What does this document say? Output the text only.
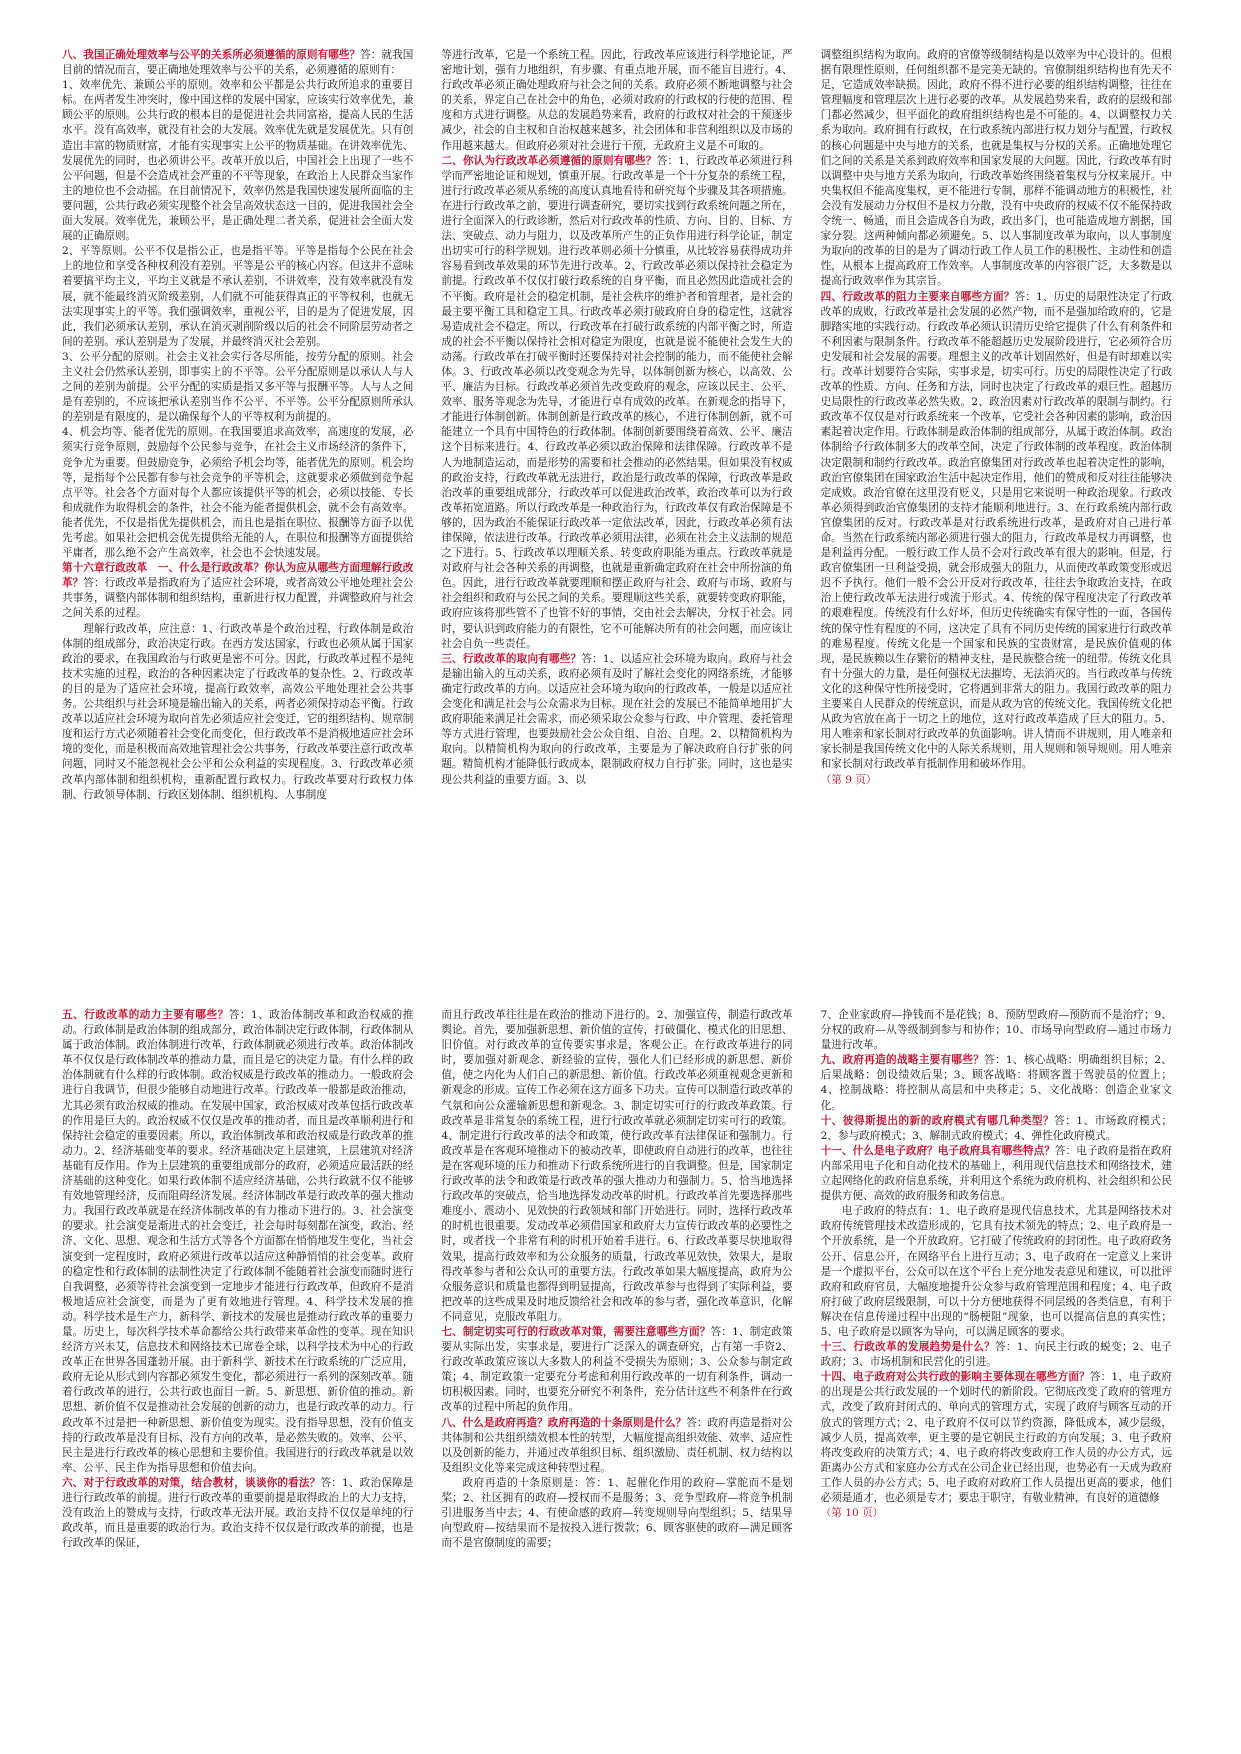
八、我国正确处理效率与公平的关系所必须遵循的原则有哪些？答：就我国目前的情况而言，要正确地处理效率与公平的关系，必须遵循的原则有：

1、效率优先、兼顾公平的原则。效率和公平都是公共行政所追求的重要目标。在两者发生冲突时，像中国这样的发展中国家，应该实行效率优先，兼顾公平的原则。公共行政的根本目的是促进社会共同富裕，提高人民的生活水平。没有高效率，就没有社会的大发展。效率优先就是发展优先。只有创造出丰富的物质财富，才能有实现事实上公平的物质基础。在讲效率优先、发展优先的同时，也必须讲公平。改革开放以后，中国社会上出现了一些不公平问题，但是不会造成社会严重的不平等现象，在政治上人民群众当家作主的地位也不会动摇。在目前情况下，效率仍然是我国快速发展所面临的主要问题，公共行政必须实现整个社会呈高效状态这一目的，促进我国社会全面大发展。效率优先，兼顾公平，是正确处理二者关系，促进社会全面大发展的正确原则。

2、平等原则。公平不仅是指公正，也是指平等。平等是指每个公民在社会上的地位和享受各种权利没有差别。平等是公平的核心内容。但这并不意味着要搞平均主义，平均主义就是不承认差别，不讲效率，没有效率就没有发展，就不能最终消灭阶级差别，人们就不可能获得真正的平等权利，也就无法实现事实上的平等。我们强调效率，重视公平，目的是为了促进发展，因此，我们必须承认差别，承认在消灭剥削阶级以后的社会不同阶层劳动者之间的差别。承认差别是为了发展，并最终消灭社会差别。

3、公平分配的原则。社会主义社会实行各尽所能，按劳分配的原则。社会主义社会仍然承认差别，即事实上的不平等。公平分配原则是以承认人与人之间的差别为前提。公平分配的实质是指又多平等与报酬平等。人与人之间是有差别的，不应该把承认差别当作不公平、不平等。公平分配原则所承认的差别是有限度的，是以确保每个人的平等权利为前提的。

4、机会均等、能者优先的原则。在我国要追求高效率，高速度的发展，必须实行竞争原则，鼓励每个公民参与竞争，在社会主义市场经济的条件下，竞争尤为重要。但鼓励竞争，必须给予机会均等，能者优先的原则。机会均等，是指每个公民都有参与社会竞争的平等机会，这就要求必须做到竞争起点平等。社会各个方面对每个人都应该提供平等的机会，必须以技能、专长和成就作为取得机会的条件，社会不能为能者提供机会，就不会有高效率。能者优先，不仅是指优先提供机会，而且也是指在职位、报酬等方面予以优先考虑。如果社会把机会优先提供给无能的人，在职位和报酬等方面提供给平庸者，那么绝不会产生高效率，社会也不会快速发展。

第十六章行政改革　一、什么是行政改革？你认为应从哪些方面理解行政改革？答：行政改革是指政府为了适应社会环境，或者高效公平地处理社会公共事务，调整内部体制和组织结构，重新进行权力配置，并调整政府与社会之间关系的过程。

理解行政改革，应注意：1、行政改革是个政治过程，行政体制是政治体制的组成部分，政治决定行政。在西方发达国家，行政也必须从属于国家政治的要求，在我国政治与行政更是密不可分。因此，行政改革过程不是纯技术实施的过程，政治的各种因素决定了行政改革的复杂性。2、行政改革的目的是为了适应社会环境，提高行政效率，高效公平地处理社会公共事务。公共组织与社会环境是输出输入的关系，两者必须保持动态平衡。行政改革以适应社会环境为取向首先必须适应社会变迁，它的组织结构、规章制度和运行方式必须随着社会变化而变化，但行政改革不是消极地适应社会环境的变化，而是积极而高效地管理社会公共事务，行政改革要注意行政改革问题，同时又不能忽视社会公平和公众利益的实现程度。3、行政改革必须改革内部体制和组织机构，重新配置行政权力。行政改革要对行政权力体制、行政领导体制、行政区划体制、组织机构、人事制度

等进行改革，它是一个系统工程。因此，行政改革应该进行科学地论证，严密地计划，强有力地组织，有步骤、有重点地开展，而不能盲目进行。4、行政改革必须正确处理政府与社会之间的关系。政府必须不断地调整与社会的关系，界定自己在社会中的角色，必须对政府的行政权的行使的范围、程度和方式进行调整。从总的发展趋势来看，政府的行政权对社会的干预逐步减少，社会的自主权和自治权越来越多，社会团体和非营利组织以及市场的作用越来越大。但政府必须对社会进行干预，无政府主义是不可取的。

二、你认为行政改革必须遵循的原则有哪些？答：1、行政改革必须进行科学而严密地论证和规划，慎重开展。行政改革是一个十分复杂的系统工程，进行行政改革必须从系统的高度认真地看待和研究每个步骤及其各项措施。在进行行政改革之前，要进行调查研究，要切实找到行政系统问题之所在，进行全面深入的行政诊断，然后对行政改革的性质、方向、目的、目标、方法、突破点、动力与阻力，以及改革所产生的正负作用进行科学论证，制定出切实可行的科学规划。进行改革则必须十分慎重，从比较容易获得成功并容易看到改革效果的环节先进行改革。2、行政改革必须以保持社会稳定为前提。行政改革不仅仅打破行政系统的自身平衡，而且必然因此造成社会的不平衡。政府是社会的稳定机制，是社会秩序的维护者和管理者，是社会的最主要平衡工具和稳定工具。行政改革必须打破政府自身的稳定性，这就容易造成社会不稳定。所以，行政改革在打破行政系统的内部平衡之时，所造成的社会不平衡以保持社会相对稳定为限度，也就是说不能使社会发生大的动荡。行政改革在打破平衡时还要保持对社会控制的能力，而不能使社会解体。3、行政改革必须以改变观念为先导，以体制创新为核心，以高效、公平、廉洁为目标。行政改革必须首先改变政府的观念，应该以民主、公平、效率、服务等观念为先导，才能进行卓有成效的改革。在新观念的指导下，才能进行体制创新。体制创新是行政改革的核心，不进行体制创新，就不可能建立一个具有中国特色的行政体制。体制创新要围绕着高效、公平、廉洁这个目标来进行。4、行政改革必须以政治保障和法律保障。行政改革不是人为地制造运动，而是形势的需要和社会推动的必然结果。但如果没有权威的政治支持，行政改革就无法进行，政治是行政改革的保障，行政改革是政治改革的重要组成部分，行政改革可以促进政治改革，政治改革可以为行政改革拓宽道路。所以行政改革是一种政治行为，行政改革仅有政治保障是不够的，因为政治不能保证行政改革一定依法改革，因此，行政改革必须有法律保障，依法进行改革。行政改革必须用法律，必须在社会主义法制的规范之下进行。5、行政改革以理顺关系、转变政府职能为重点。行政改革就是对政府与社会各种关系的再调整，也就是重新确定政府在社会中所扮演的角色。因此，进行行政改革就要理顺和摆正政府与社会、政府与市场、政府与社会组织和政府与公民之间的关系。要理顺这些关系，就要转变政府职能，政府应该将那些管不了也管不好的事情，交由社会去解决，分权于社会。同时，要认识到政府能力的有限性，它不可能解决所有的社会问题，而应该让社会自负一些责任。

三、行政改革的取向有哪些？答：1、以适应社会环境为取向。政府与社会是输出输入的互动关系，政府必须有及时了解社会变化的网络系统，才能够确定行政改革的方向。以适应社会环境为取向的行政改革，一般是以适应社会变化和满足社会与公众需求为目标。现在社会的发展已不能简单地用扩大政府职能来满足社会需求，而必须采取公众参与行政、中介管理、委托管理等方式进行管理，也要鼓励社会公众自组、自治、自理。2、以精简机构为取向。以精简机构为取向的行政改革，主要是为了解决政府自行扩张的问题。精简机构才能降低行政成本，限制政府权力自行扩张。同时，这也是实现公共利益的重要方面。3、以

调整组织结构为取向。政府的官僚等级制结构是以效率为中心设计的。但根据有限理性原则，任何组织都不是完美无缺的。官僚制组织结构也有先天不足，它造成效率缺损。因此，政府不得不进行必要的组织结构调整，往往在管理幅度和管理层次上进行必要的改革。从发展趋势来看，政府的层级和部门都必然减少，但平面化的政府组织结构也是不可能的。4、以调整权力关系为取向。政府拥有行政权，在行政系统内部进行权力划分与配置，行政权的核心问题是中央与地方的关系，也就是集权与分权的关系。正确地处理它们之间的关系是关系到政府效率和国家发展的大问题。因此，行政改革有时以调整中央与地方关系为取向，行政改革始终围绕着集权与分权来展开。中央集权但不能高度集权，更不能进行专制，那样不能调动地方的积极性，社会没有发展动力分权但不是权力分散，没有中央政府的权威不仅不能保持政令统一、畅通，而且会造成各自为政，政出多门，也可能造成地方割据，国家分裂。这两种倾向都必须避免。5、以人事制度改革为取向，以人事制度为取向的改革的目的是为了调动行政工作人员工作的积极性、主动性和创造性，从根本上提高政府工作效率。人事制度改革的内容很广泛，大多数是以提高行政效率作为其宗旨。

四、行政改革的阻力主要来自哪些方面？答：1、历史的局限性决定了行政改革的成败，行政改革是社会发展的必然产物，而不是强加给政府的，它是脚踏实地的实践行动。行政改革必须认识清历史给它提供了什么有利条件和不利因素与限制条件。行政改革不能超越历史发展阶段进行，它必须符合历史发展和社会发展的需要。理想主义的改革计划固然好，但是有时却难以实行。改革计划要符合实际，实事求是，切实可行。历史的局限性决定了行政改革的性质、方向、任务和方法，同时也决定了行政改革的艰巨性。超越历史局限性的行政改革必然失败。2、政治因素对行政改革的限制与制约。行政改革不仅仅是对行政系统来一个改革，它受社会各种因素的影响，政治因素起着决定作用。行政体制是政治体制的组成部分，从属于政治体制。政治体制给予行政体制多大的改革空间，决定了行政体制的改革程度。政治体制决定限制和制约行政改革。政治官僚集团对行政改革也起着决定性的影响，政治官僚集团在国家政治生活中起决定作用，他们的赞成和反对往往能够决定成败。政治官僚在这里没有贬义，只是用它来说明一种政治现象。行政改革必须得到政治官僚集团的支持才能顺利地进行。3、在行政系统内部行政官僚集团的反对。行政改革是对行政系统进行改革，是政府对自己进行革命。当然在行政系统内部必须进行强大的阻力，行政改革是权力再调整，也是利益再分配。一般行政工作人员不会对行政改革有很大的影响。但是，行政官僚集团一旦利益受损，就会形成强大的阻力，从而使改革政策变形或迟迟不予执行。他们一般不会公开反对行政改革，往往去争取政治支持，在政治上使行政改革无法进行或流于形式。4、传统的保守程度决定了行政改革的艰难程度。传统没有什么好坏，但历史传统确实有保守性的一面，各国传统的保守性有程度的不同，这决定了具有不同历史传统的国家进行行政改革的难易程度。传统文化是一个国家和民族的宝贵财富，是民族价值观的体现，是民族赖以生存繁衍的精神支柱，是民族整合统一的纽带。传统文化具有十分强大的力量，是任何强权无法摧垮、无法消灭的。当行政改革与传统文化的这种保守性所接受时，它将遇到非常大的阻力。我国行政改革的阻力主要来自人民群众的传统意识，而是从政为官的传统文化。我国传统文化把从政为官放在高于一切之上的地位，这对行政改革造成了巨大的阻力。5、用人唯亲和家长制对行政改革的负面影响。讲人情而不讲规则，用人唯亲和家长制是我国传统文化中的人际关系规则，用人规则和领导规则。用人唯亲和家长制对行政改革有抵制作用和破坏作用。

（第 9 页）

五、行政改革的动力主要有哪些？答：1、政治体制改革和政治权威的推动。行政体制是政治体制的组成部分，政治体制决定行政体制，行政体制从属于政治体制。政治体制进行改革，行政体制就必须进行改革。政治体制改革不仅仅是行政体制改革的推动力量，而且是它的决定力量。有什么样的政治体制就有什么样的行政体制。政治权威是行政改革的推动力。一般政府会进行自我调节，但很少能够自动地进行改革。行政改革一般都是政治推动，尤其必须有政治权威的推动。在发展中国家，政治权威对改革包括行政改革的作用是巨大的。政治权威不仅仅是改革的推动者，而且是改革顺利进行和保持社会稳定的重要因素。所以，政治体制改革和政治权威是行政改革的推动力。2、经济基础变革的要求。经济基础决定上层建筑，上层建筑对经济基础有反作用。作为上层建筑的重要组成部分的政府，必须适应最活跃的经济基础的这种变化。如果行政体制不适应经济基础，公共行政就不仅不能够有效地管理经济，反而阻碍经济发展。经济体制改革是行政改革的强大推动力。我国行政改革就是在经济体制改革的有力推动下进行的。3、社会演变的要求。社会演变是渐进式的社会变迁，社会每时每刻都在演变，政治、经济、文化、思想、观念和生活方式等各个方面都在悄悄地发生变化，当社会演变到一定程度时，政府必须进行改革以适应这种静悄悄的社会变革。政府的稳定性和行政体制的法制性决定了行政体制不能随着社会演变而随时进行自我调整，必须等待社会演变到一定地步才能进行行政改革，但政府不是消极地适应社会演变，而是为了更有效地进行管理。4、科学技术发展的推动。科学技术是生产力，新科学、新技术的发展也是推动行政改革的重要力量。历史上，每次科学技术革命都给公共行政带来革命性的变革。现在知识经济方兴未艾，信息技术和网络技术已席卷全球，以科学技术为中心的行政改革正在世界各国蓬勃开展。由于新科学、新技术在行政系统的广泛应用，政府无论从形式到内容都必须发生变化，都必须进行一系列的深刻改革。随着行政改革的进行，公共行政也面目一新。5、新思想、新价值的推动。新思想、新价值不仅是推动社会发展的创新的动力，也是行政改革的动力。行政改革不过是把一种新思想、新价值变为现实。没有指导思想，没有价值支持的行政改革是没有目标、没有方向的改革，是必然失败的。效率、公平、民主是进行行政改革的核心思想和主要价值。我国进行的行政改革就是以效率、公平、民主作为指导思想和价值去向。

六、对于行政改革的对策，结合教材，谈谈你的看法？答：1、政治保障是进行行政改革的前提。进行行政改革的重要前提是取得政治上的大力支持，没有政治上的赞成与支持，行政改革无法开展。政治支持不仅仅是单纯的行政改革，而且是重要的政治行为。政治支持不仅仅是行政改革的前提，也是行政改革的保证，

而且行政改革往往是在政治的推动下进行的。2、加强宣传，制造行政改革舆论。首先，要加强新思想、新价值的宣传，打破僵化、模式化的旧思想、旧价值。对行政改革的宣传要实事求是，客观公正。在行政改革进行的同时，要加强对新观念、新经验的宣传，强化人们已经形成的新思想、新价值，使之内化为人们自己的新思想、新价值。行政改革必须重视观念更新和新观念的形成。宣传工作必须在这方面多下功夫。宣传可以制造行政改革的气氛和向公众灌输新思想和新观念。3、制定切实可行的行政改革政策。行政改革是非常复杂的系统工程，进行行政改革就必须制定切实可行的政策。4、制定进行行政改革的法令和政策，使行政改革有法律保证和强制力。行政改革是在客观环境推动下的被动改革，即使政府自动进行的改革，也往往是在客观环境的压力和推动下行政系统所进行的自我调整。但是，国家制定行政改革的法令和政策是行政改革的强大推动力和强制力。5、恰当地选择行政改革的突破点，恰当地选择发动改革的时机。行政改革首先要选择那些难度小、震动小、见效快的行政领域和部门开始进行。同时，选择行政改革的时机也很重要。发动改革必须借国家和政府大力宣传行政改革的必要性之时，或者找一个非常有利的时机开始着手进行。6、行政改革要尽快地取得效果，提高行政效率和为公众服务的质量，行政改革见效快，效果大，是取得改革参与者和公众认可的重要方法。行政改革如果大幅度提高，政府为公众服务意识和质量也都得到明显提高，行政改革参与也得到了实际利益，要把改革的这些成果及时地反馈给社会和改革的参与者，强化改革意识，化解不同意见，克服改革阻力。

七、制定切实可行的行政改革对策，需要注意哪些方面？答：1、制定政策要从实际出发，实事求是，要进行广泛深入的调查研究，占有第一手资2、行政改革政策应该以大多数人的利益不受损失为原则；3、公众参与制定政策；4、制定政策一定要充分考虑和利用行政改革的一切有利条件，调动一切积极因素。同时，也要充分研究不利条件，充分估计这些不利条件在行政改革的过程中所起的负作用。

八、什么是政府再造？政府再造的十条原则是什么？答：政府再造是指对公共体制和公共组织绩效根本性的转型，大幅度提高组织效能、效率、适应性以及创新的能力，并通过改革组织目标、组织激励、责任机制、权力结构以及组织文化等来完成这种转型过程。

政府再造的十条原则是：答：1、起催化作用的政府—掌舵而不是划桨；2、社区拥有的政府—授权而不是服务；3、竞争型政府—将竞争机制引进服务当中去；4、有使命感的政府—转变规则导向型组织；5、结果导向型政府—按结果而不是按投入进行拨款；6、顾客驱使的政府—满足顾客而不是官僚制度的需要；

7、企业家政府—挣钱而不是花钱；8、预防型政府—预防而不是治疗；9、分权的政府—从等级制到参与和协作；10、市场导向型政府—通过市场力量进行改革。

九、政府再造的战略主要有哪些？答：1、核心战略：明确组织目标；2、后果战略：创设绩效后果；3、顾客战略：将顾客置于驾驶员的位置上；4、控制战略：将控制从高层和中央移走；5、文化战略：创造企业家文化。

十、彼得斯提出的新的政府模式有哪几种类型？答：1、市场政府模式；2、参与政府模式；3、解制式政府模式；4、弹性化政府模式。

十一、什么是电子政府？电子政府具有哪些特点？答：电子政府是指在政府内部采用电子化和自动化技术的基础上，利用现代信息技术和网络技术，建立起网络化的政府信息系统，并利用这个系统为政府机构、社会组织和公民提供方便、高效的政府服务和政务信息。

电子政府的特点有：1、电子政府是现代信息技术，尤其是网络技术对政府传统管理技术改造形成的，它具有技术领先的特点；2、电子政府是一个开放系统，是一个开放政府。它打破了传统政府的封闭性。电子政府政务公开、信息公开，在网络平台上进行互动；3、电子政府在一定意义上来讲是一个虚拟平台，公众可以在这个平台上充分地发表意见和建议，可以批评政府和政府官员，大幅度地提升公众参与政府管理范围和程度；4、电子政府打破了政府层级限制，可以十分方便地获得不同层级的各类信息，有利于解决在信息传递过程中出现的“肠梗阻”现象，也可以提高信息的真实性；5、电子政府是以顾客为导向，可以满足顾客的要求。

十三、行政改革的发展趋势是什么？答：1、向民主行政的蜕变；2、电子政府；3、市场机制和民营化的引进。

十四、电子政府对公共行政的影响主要体现在哪些方面？答：1、电子政府的出现是公共行政发展的一个划时代的新阶段。它彻底改变了政府的管理方式，改变了政府封闭式的、单向式的管理方式，实现了政府与顾客互动的开放式的管理方式；2、电子政府不仅可以节约资源，降低成本，减少层级，减少人员，提高效率，更主要的是它朝民主行政的方向发展；3、电子政府将改变政府的决策方式；4、电子政府将改变政府工作人员的办公方式，远距离办公方式和家庭办公方式在公司企业已经出现，也势必有一天成为政府工作人员的办公方式；5、电子政府对政府工作人员提出更高的要求，他们必须是通才，也必须是专才；要忠于职守，有敬业精神，有良好的道德修

（第 10 页）
